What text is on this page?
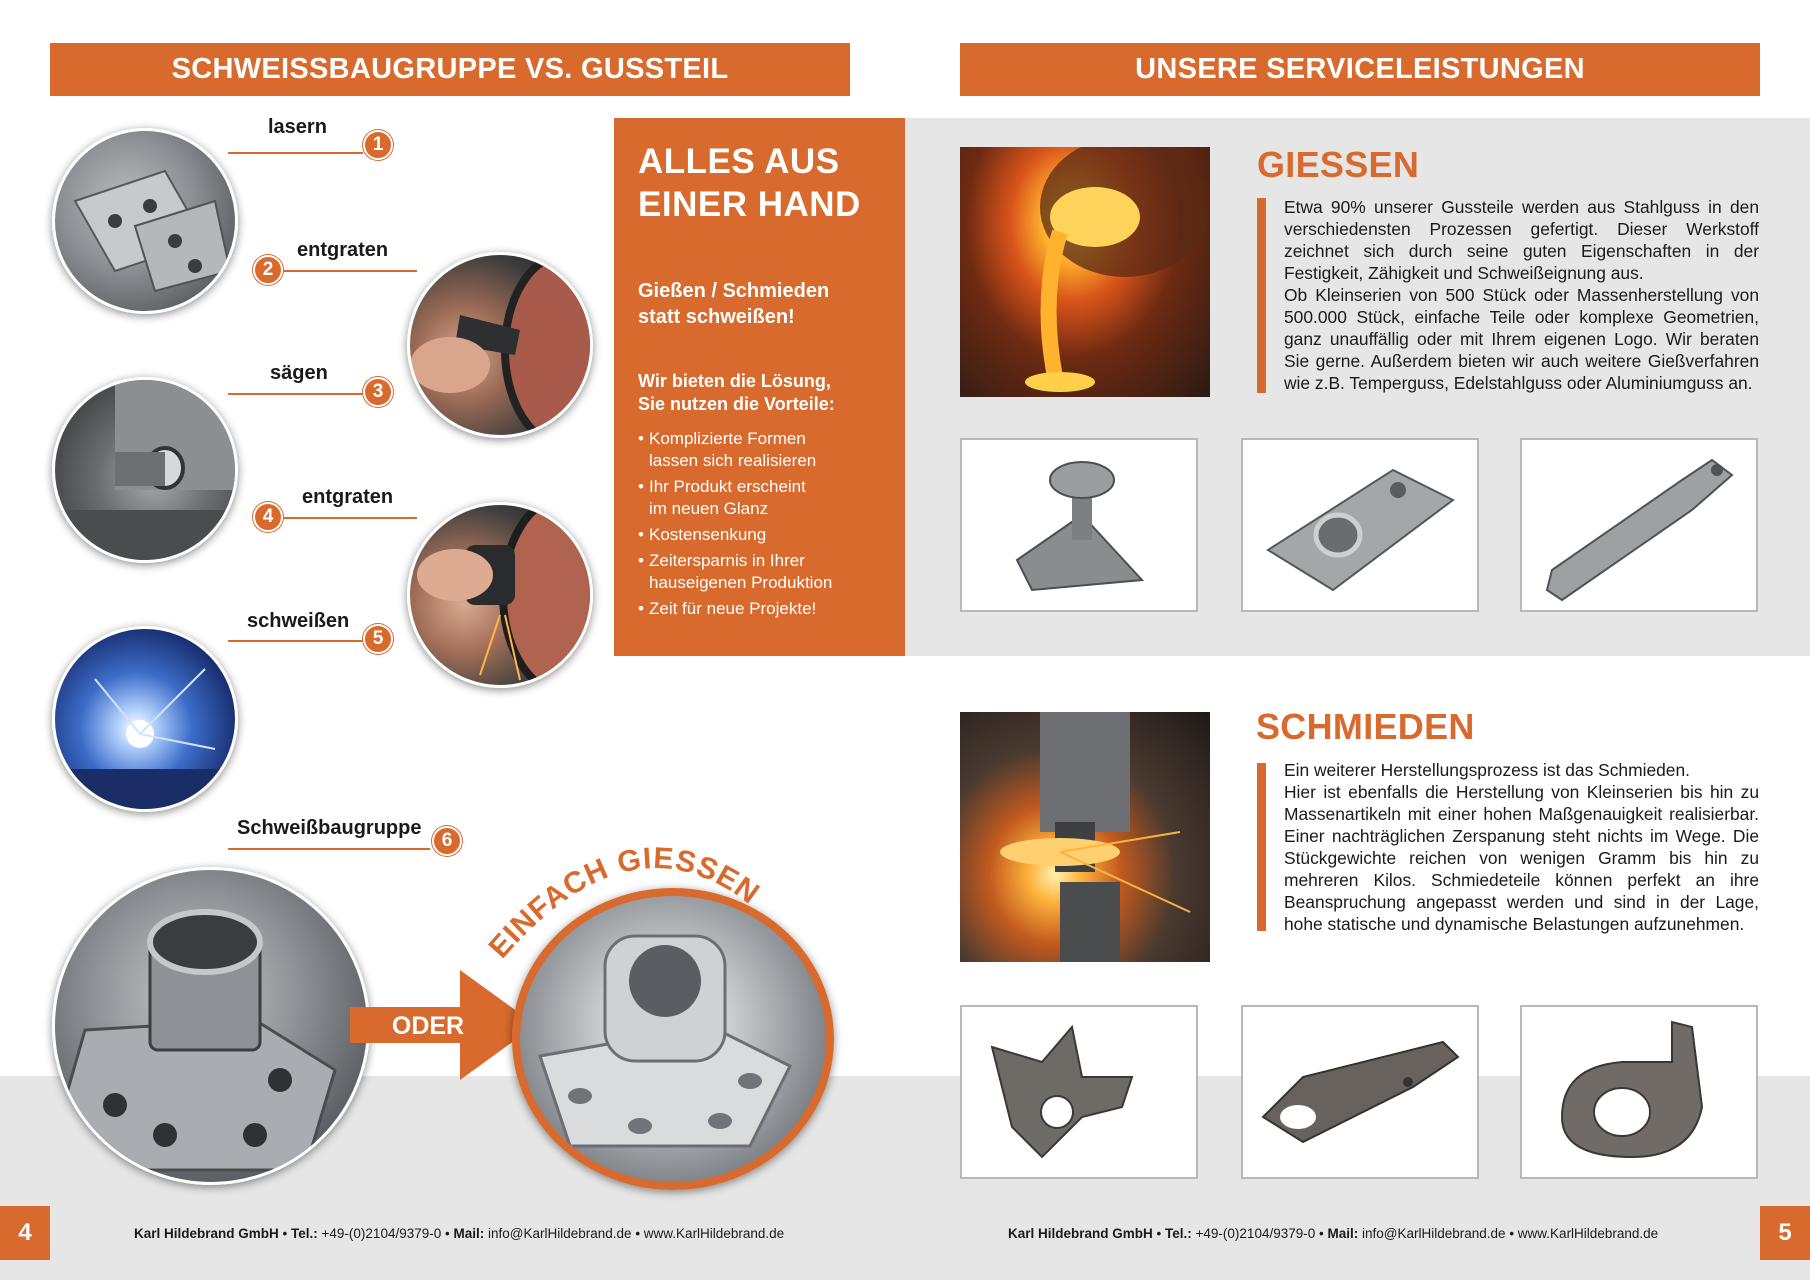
SCHWEISSBAUGRUPPE VS. GUSSTEIL	UNSERE SERVICELEISTUNGEN
ALLES AUS
EINER HAND
Gießen / Schmieden
statt schweißen!
Wir bieten die Lösung,
Sie nutzen die Vorteile:
• Komplizierte Formen
lassen sich realisieren
• Ihr Produkt erscheint
im neuen Glanz
• Kostensenkung
• Zeitersparnis in Ihrer
hauseigenen Produktion
• Zeit für neue Projekte!
lasern
1
entgraten
2
sägen
3
entgraten
4
schweißen
5
Schweißbaugruppe
6
ODER
EINFACH GIESSEN
GIESSEN

Etwa 90% unserer Gussteile werden aus Stahlguss in den verschiedensten Prozessen gefertigt. Dieser Werkstoff zeichnet sich durch seine guten Eigenschaften in der Festigkeit, Zähigkeit und Schweißeignung aus.

Ob Kleinserien von 500 Stück oder Massenherstellung von 500.000 Stück, einfache Teile oder komplexe Geometrien, ganz unauffällig oder mit Ihrem eigenen Logo. Wir beraten Sie gerne. Außerdem bieten wir auch weitere Gießverfahren wie z.B. Temperguss, Edelstahlguss oder Aluminiumguss an.

SCHMIEDEN

Ein weiterer Herstellungsprozess ist das Schmieden.

Hier ist ebenfalls die Herstellung von Kleinserien bis hin zu Massenartikeln mit einer hohen Maßgenauigkeit realisierbar. Einer nachträglichen Zerspanung steht nichts im Wege. Die Stückgewichte reichen von wenigen Gramm bis hin zu mehreren Kilos. Schmiedeteile können perfekt an ihre Beanspruchung angepasst werden und sind in der Lage, hohe statische und dynamische Belastungen aufzunehmen.

4	5
Karl Hildebrand GmbH • Tel.: +49-(0)2104/9379-0 • Mail: info@KarlHildebrand.de • www.KarlHildebrand.de	Karl Hildebrand GmbH • Tel.: +49-(0)2104/9379-0 • Mail: info@KarlHildebrand.de • www.KarlHildebrand.de
